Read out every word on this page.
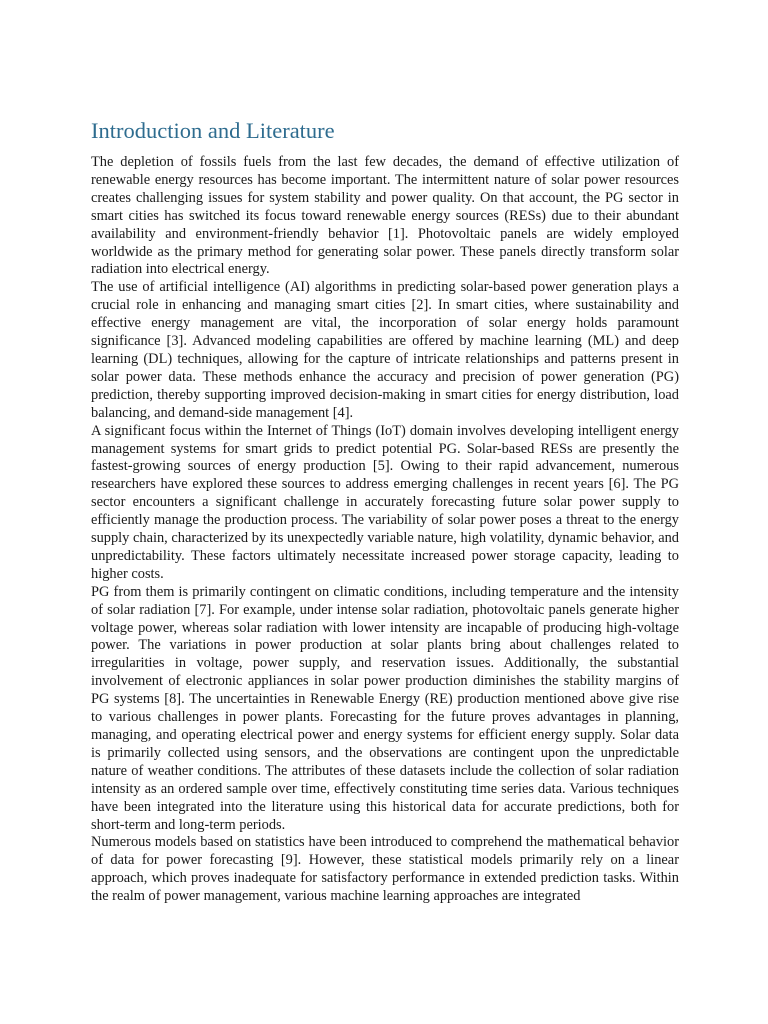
Introduction and Literature

The depletion of fossils fuels from the last few decades, the demand of effective utilization of renewable energy resources has become important. The intermittent nature of solar power resources creates challenging issues for system stability and power quality. On that account, the PG sector in smart cities has switched its focus toward renewable energy sources (RESs) due to their abundant availability and environment-friendly behavior [1]. Photovoltaic panels are widely employed worldwide as the primary method for generating solar power. These panels directly transform solar radiation into electrical energy.

The use of artificial intelligence (AI) algorithms in predicting solar-based power generation plays a crucial role in enhancing and managing smart cities [2]. In smart cities, where sustainability and effective energy management are vital, the incorporation of solar energy holds paramount significance [3]. Advanced modeling capabilities are offered by machine learning (ML) and deep learning (DL) techniques, allowing for the capture of intricate relationships and patterns present in solar power data. These methods enhance the accuracy and precision of power generation (PG) prediction, thereby supporting improved decision-making in smart cities for energy distribution, load balancing, and demand-side management [4].

A significant focus within the Internet of Things (IoT) domain involves developing intelligent energy management systems for smart grids to predict potential PG. Solar-based RESs are presently the fastest-growing sources of energy production [5]. Owing to their rapid advancement, numerous researchers have explored these sources to address emerging challenges in recent years [6]. The PG sector encounters a significant challenge in accurately forecasting future solar power supply to efficiently manage the production process. The variability of solar power poses a threat to the energy supply chain, characterized by its unexpectedly variable nature, high volatility, dynamic behavior, and unpredictability. These factors ultimately necessitate increased power storage capacity, leading to higher costs.

PG from them is primarily contingent on climatic conditions, including temperature and the intensity of solar radiation [7]. For example, under intense solar radiation, photovoltaic panels generate higher voltage power, whereas solar radiation with lower intensity are incapable of producing high-voltage power. The variations in power production at solar plants bring about challenges related to irregularities in voltage, power supply, and reservation issues. Additionally, the substantial involvement of electronic appliances in solar power production diminishes the stability margins of PG systems [8]. The uncertainties in Renewable Energy (RE) production mentioned above give rise to various challenges in power plants. Forecasting for the future proves advantages in planning, managing, and operating electrical power and energy systems for efficient energy supply. Solar data is primarily collected using sensors, and the observations are contingent upon the unpredictable nature of weather conditions. The attributes of these datasets include the collection of solar radiation intensity as an ordered sample over time, effectively constituting time series data. Various techniques have been integrated into the literature using this historical data for accurate predictions, both for short-term and long-term periods.

Numerous models based on statistics have been introduced to comprehend the mathematical behavior of data for power forecasting [9]. However, these statistical models primarily rely on a linear approach, which proves inadequate for satisfactory performance in extended prediction tasks. Within the realm of power management, various machine learning approaches are integrated
